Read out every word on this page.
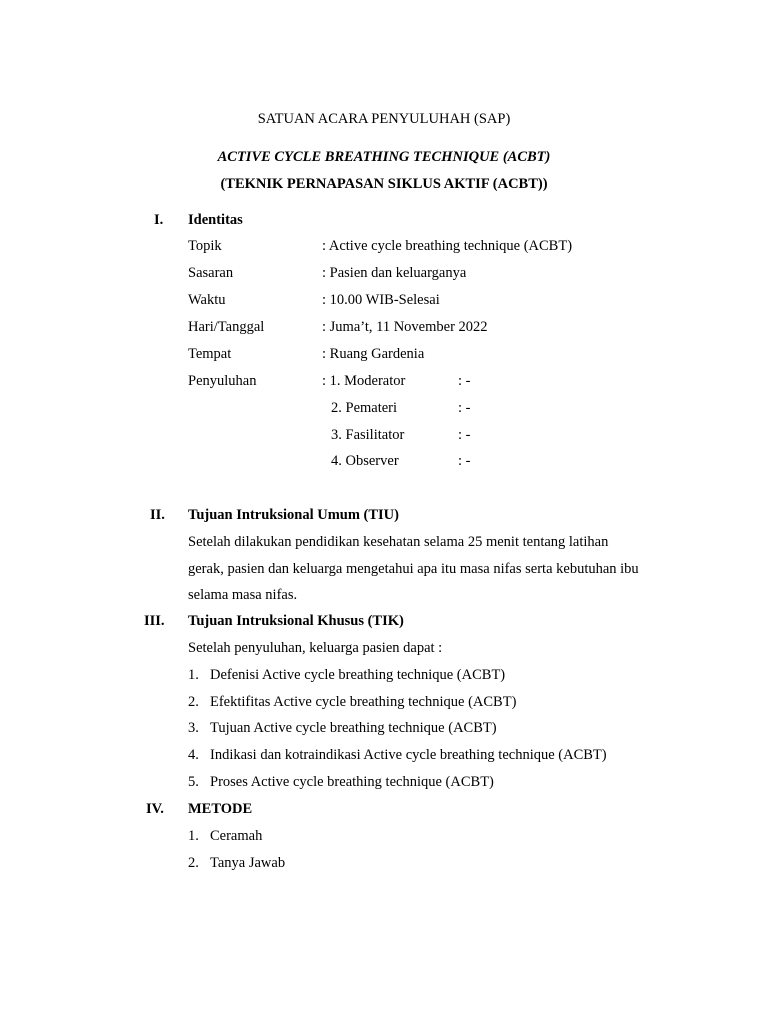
SATUAN ACARA PENYULUHAH (SAP)
ACTIVE CYCLE BREATHING TECHNIQUE (ACBT)
(TEKNIK PERNAPASAN SIKLUS AKTIF (ACBT))
I. Identitas
Topik	: Active cycle breathing technique (ACBT)
Sasaran	: Pasien dan keluarganya
Waktu	: 10.00 WIB-Selesai
Hari/Tanggal	: Juma’t, 11 November 2022
Tempat	: Ruang Gardenia
Penyuluhan	: 1. Moderator	: -
2. Pemateri	: -
3. Fasilitator	: -
4. Observer	: -
II. Tujuan Intruksional Umum (TIU)
Setelah dilakukan pendidikan kesehatan selama 25 menit tentang latihan
gerak, pasien dan keluarga mengetahui apa itu masa nifas serta kebutuhan ibu
selama masa nifas.
III. Tujuan Intruksional Khusus (TIK)
Setelah penyuluhan, keluarga pasien dapat :
1. Defenisi Active cycle breathing technique (ACBT)
2. Efektifitas Active cycle breathing technique (ACBT)
3. Tujuan Active cycle breathing technique (ACBT)
4. Indikasi dan kotraindikasi Active cycle breathing technique (ACBT)
5. Proses Active cycle breathing technique (ACBT)
IV. METODE
1. Ceramah
2. Tanya Jawab
